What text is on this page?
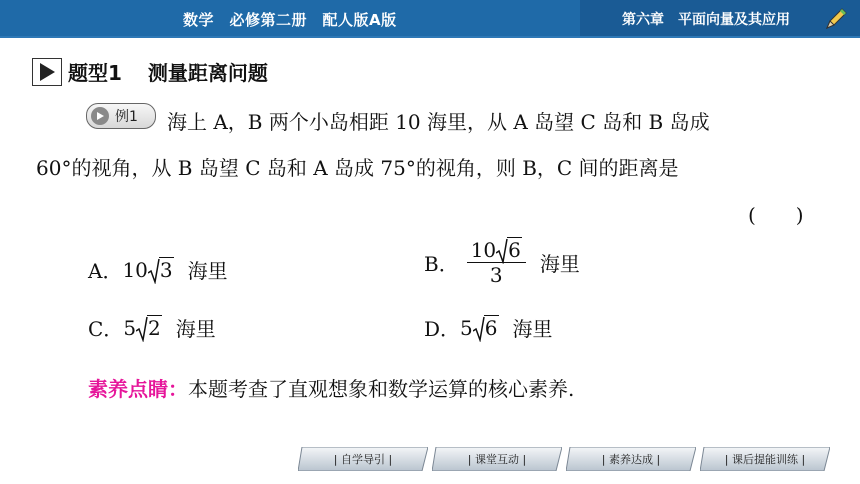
数学　必修第二册　配人版A版	第六章　平面向量及其应用
题型1 测量距离问题
例1 海上 A，B 两个小岛相距 10 海里，从 A 岛望 C 岛和 B 岛成
60°的视角，从 B 岛望 C 岛和 A 岛成 75°的视角，则 B，C 间的距离是
(　　)
A． 10 3 海里	B． $\frac{10 6}{3}$ 海里
C． 5 2 海里	D． 5 6 海里
素养点睛：本题考查了直观想象和数学运算的核心素养.
| 自学导引 |	| 课堂互动 |	| 素养达成 |	| 课后提能训练 |
